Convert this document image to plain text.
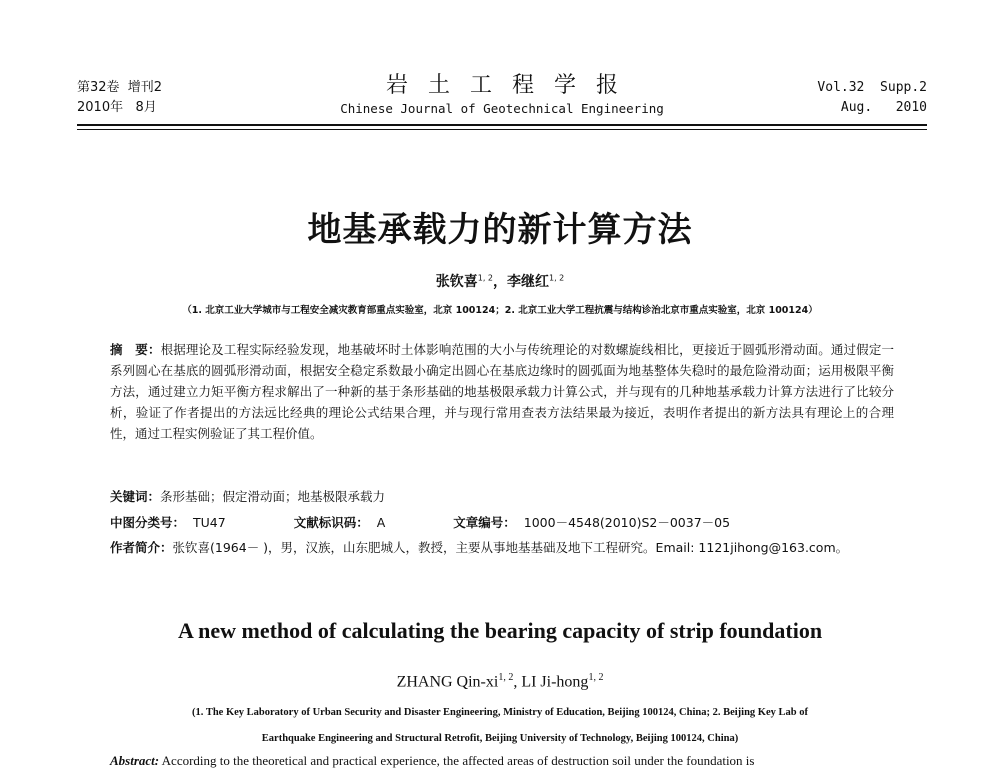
第32卷  增刊2
2010年   8月
岩土工程学报
Chinese Journal of Geotechnical Engineering
Vol.32  Supp.2
Aug.   2010
地基承载力的新计算方法
张钦喜$^{1, 2}$，李继红$^{1, 2}$
（1. 北京工业大学城市与工程安全减灾教育部重点实验室，北京 100124；2. 北京工业大学工程抗震与结构诊治北京市重点实验室，北京 100124）
摘　要：根据理论及工程实际经验发现，地基破坏时土体影响范围的大小与传统理论的对数螺旋线相比，更接近于圆弧形滑动面。通过假定一系列圆心在基底的圆弧形滑动面，根据安全稳定系数最小确定出圆心在基底边缘时的圆弧面为地基整体失稳时的最危险滑动面；运用极限平衡方法，通过建立力矩平衡方程求解出了一种新的基于条形基础的地基极限承载力计算公式，并与现有的几种地基承载力计算方法进行了比较分析，验证了作者提出的方法远比经典的理论公式结果合理，并与现行常用查表方法结果最为接近，表明作者提出的新方法具有理论上的合理性，通过工程实例验证了其工程价值。
关键词：条形基础；假定滑动面；地基极限承载力
中图分类号： TU47	文献标识码： A	文章编号： 1000－4548(2010)S2－0037－05
作者简介：张钦喜(1964－ )，男，汉族，山东肥城人，教授，主要从事地基基础及地下工程研究。Email: 1121jihong@163.com。
A new method of calculating the bearing capacity of strip foundation
ZHANG Qin-xi$^{1, 2}$, LI Ji-hong$^{1, 2}$
(1. The Key Laboratory of Urban Security and Disaster Engineering, Ministry of Education, Beijing 100124, China; 2. Beijing Key Lab of
Earthquake Engineering and Structural Retrofit, Beijing University of Technology, Beijing 100124, China)
Abstract: According to the theoretical and practical experience, the affected areas of destruction soil under the foundation is
